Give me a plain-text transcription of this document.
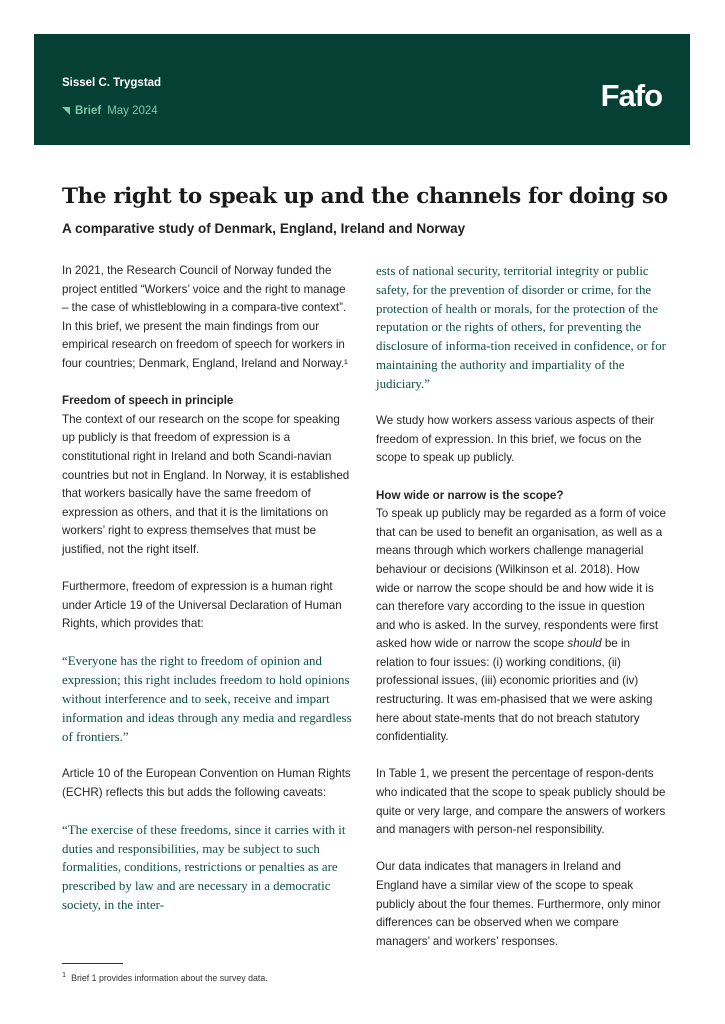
Sissel C. Trygstad
Brief May 2024	Fafo
The right to speak up and the channels for doing so
A comparative study of Denmark, England, Ireland and Norway

In 2021, the Research Council of Norway funded the project entitled “Workers’ voice and the right to manage – the case of whistleblowing in a compara-tive context”. In this brief, we present the main findings from our empirical research on freedom of speech for workers in four countries; Denmark, England, Ireland and Norway.¹

Freedom of speech in principle

The context of our research on the scope for speaking up publicly is that freedom of expression is a constitutional right in Ireland and both Scandi-navian countries but not in England. In Norway, it is established that workers basically have the same freedom of expression as others, and that it is the limitations on workers’ right to express themselves that must be justified, not the right itself.

Furthermore, freedom of expression is a human right under Article 19 of the Universal Declaration of Human Rights, which provides that:

“Everyone has the right to freedom of opinion and expression; this right includes freedom to hold opinions without interference and to seek, receive and impart information and ideas through any media and regardless of frontiers.”

Article 10 of the European Convention on Human Rights (ECHR) reflects this but adds the following caveats:

“The exercise of these freedoms, since it carries with it duties and responsibilities, may be subject to such formalities, conditions, restrictions or penalties as are prescribed by law and are necessary in a democratic society, in the inter-

ests of national security, territorial integrity or public safety, for the prevention of disorder or crime, for the protection of health or morals, for the protection of the reputation or the rights of others, for preventing the disclosure of informa-tion received in confidence, or for maintaining the authority and impartiality of the judiciary.”

We study how workers assess various aspects of their freedom of expression. In this brief, we focus on the scope to speak up publicly.

How wide or narrow is the scope?

To speak up publicly may be regarded as a form of voice that can be used to benefit an organisation, as well as a means through which workers challenge managerial behaviour or decisions (Wilkinson et al. 2018). How wide or narrow the scope should be and how wide it is can therefore vary according to the issue in question and who is asked. In the survey, respondents were first asked how wide or narrow the scope should be in relation to four issues: (i) working conditions, (ii) professional issues, (iii) economic priorities and (iv) restructuring. It was em-phasised that we were asking here about state-ments that do not breach statutory confidentiality.

In Table 1, we present the percentage of respon-dents who indicated that the scope to speak publicly should be quite or very large, and compare the answers of workers and managers with person-nel responsibility.

Our data indicates that managers in Ireland and England have a similar view of the scope to speak publicly about the four themes. Furthermore, only minor differences can be observed when we compare managers’ and workers’ responses.

$^1$ Brief 1 provides information about the survey data.
